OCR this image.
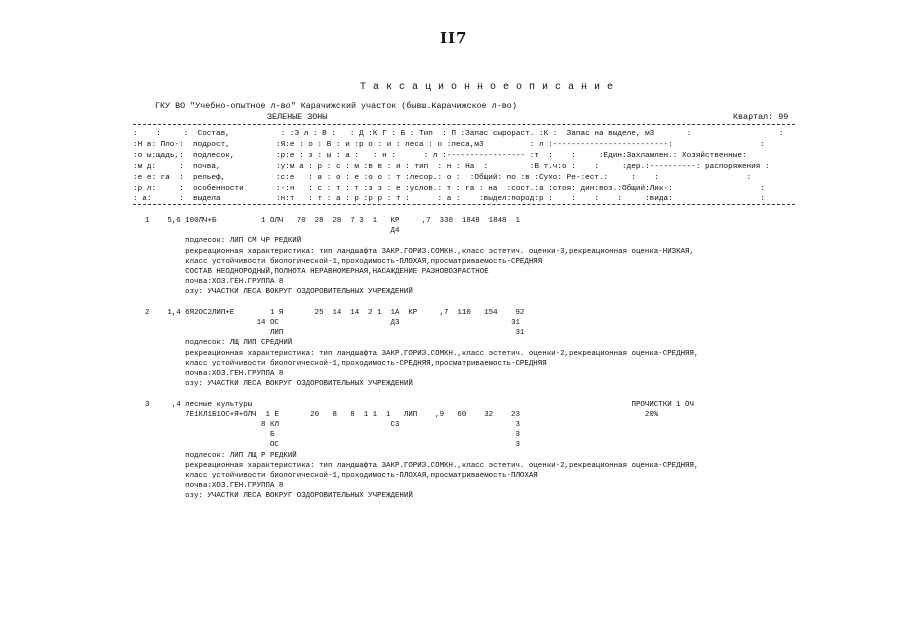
II7
Т а к с а ц и о н н о е о п и с а н и е
ГКУ ВО "Учебно-опытное л-во" Карачижский участок (бывш.Карачижское л-во)
ЗЕЛЕНЫЕ ЗОНЫ	Квартал: 99
:    :     :  Состав,           : :Э л : В :   : Д :К Г : Б : Тип  : П :Запас сырораст. :К :  Запас на выделе, м3       :                   :
:Н в: Пло-:  подрост,          :Я:е : о : В : и :р о : и : леса : о :леса,м3          : л :-------------------------:                   :
:о ы:щадь,:  подлесок,         :р:е : з : ы : а :   : н :      : л :----------------- :т  :    :     :Един:Захламлен.: Хозяйственные:
:м д:     :  почва,            :у:м а : р : с : м :в в : и : тип  : н : На  :         :В т.ч:о :    :     :дер.:----------: распоряжения :
:е е: га  :  рельеф,           :с:е   : а : о : е :о о : т :лесор.: о :  :Общий: по :в :Сухо: Ре-:ест.:     :    :                   :
:р л:     :  особенности       :-:н   : с : т : т :з з : е :услов.: т : га : на  :сост.:а :стоя: дин:воз.:Общий:Лик-:                   :
: а:      :  выдела            :н:т   : т : а : р :р р : т :      : а :    :выдел:пород:р :    :    :    :     :вида:                   :
1    5,6 100ЛЧ+Б          1 ОЛЧ   70  28  28  7 3  1   КР     ,7  330  1848  1848  1
Д4
подлесок: ЛИП СМ ЧР РЕДКИЙ
рекреационная характеристика: тип ландшафта ЗАКР.ГОРИЗ.СОМКН.,класс эстетич. оценки-3,рекреационная оценка-НИЗКАЯ,
класс устойчивости биологической-1,проходимость-ПЛОХАЯ,просматриваемость-СРЕДНЯЯ
СОСТАВ НЕОДНОРОДНЫЙ,ПОЛНОТА НЕРАВНОМЕРНАЯ,НАСАЖДЕНИЕ РАЗНОВОЗРАСТНОЕ
почва:ХОЗ.ГЕН.ГРУППА 8
озу: УЧАСТКИ ЛЕСА ВОКРУГ ОЗДОРОВИТЕЛЬНЫХ УЧРЕЖДЕНИЙ

2    1,4 6Я2ОС2ЛИП+Е        1 Я       25  14  14  2 1  1А  КР     ,7  110   154    92
14 ОС                         Д3                         31
ЛИП                                                    31
подлесок: ЛЩ ЛИП СРЕДНИЙ
рекреационная характеристика: тип ландшафта ЗАКР.ГОРИЗ.СОМКН.,класс эстетич. оценки-2,рекреационная оценка-СРЕДНЯЯ,
класс устойчивости биологической-1,проходимость-СРЕДНЯЯ,просматриваемость-СРЕДНЯЯ
почва:ХОЗ.ГЕН.ГРУППА 8
озу: УЧАСТКИ ЛЕСА ВОКРУГ ОЗДОРОВИТЕЛЬНЫХ УЧРЕЖДЕНИЙ

3     ,4 лесные культуры                                                                                     ПРОЧИСТКИ 1 ОЧ
7Е1КЛ1Б1ОС+Я+ОЛЧ  1 Е       20   8   8  1 1  1   ЛИП    ,9   60    32    23                            20%
8 КЛ                         С3                          3
Б                                                      3
ОС                                                     3
подлесок: ЛИП ЛЩ Р РЕДКИЙ
рекреационная характеристика: тип ландшафта ЗАКР.ГОРИЗ.СОМКН.,класс эстетич. оценки-2,рекреационная оценка-СРЕДНЯЯ,
класс устойчивости биологической-1,проходимость-ПЛОХАЯ,просматриваемость-ПЛОХАЯ
почва:ХОЗ.ГЕН.ГРУППА 8
озу: УЧАСТКИ ЛЕСА ВОКРУГ ОЗДОРОВИТЕЛЬНЫХ УЧРЕЖДЕНИЙ
